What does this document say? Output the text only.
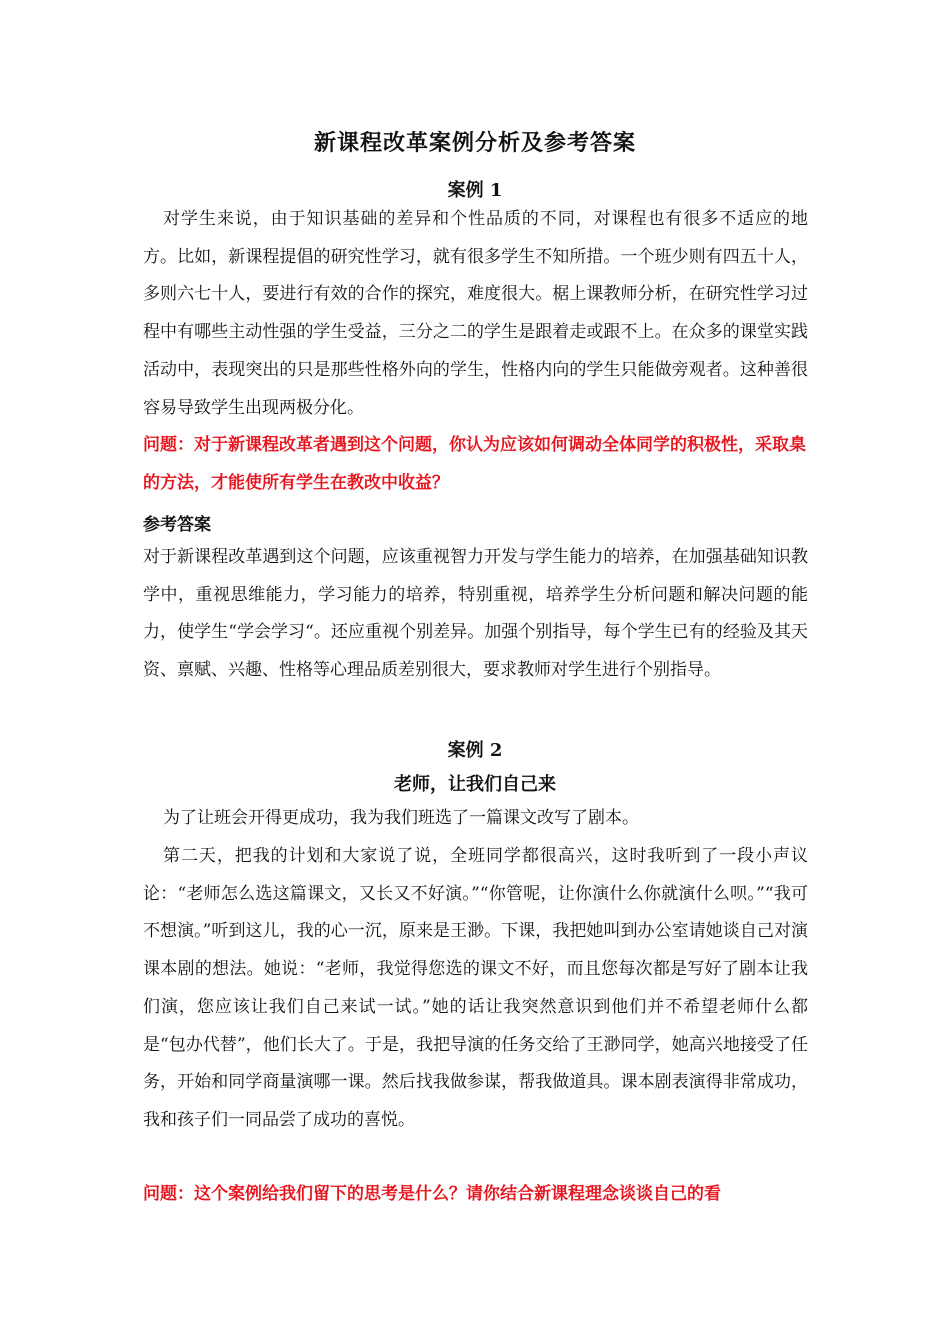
新课程改革案例分析及参考答案
案例 1

对学生来说，由于知识基础的差异和个性品质的不同，对课程也有很多不适应的地方。比如，新课程提倡的研究性学习，就有很多学生不知所措。一个班少则有四五十人，多则六七十人，要进行有效的合作的探究，难度很大。椐上课教师分析，在研究性学习过程中有哪些主动性强的学生受益，三分之二的学生是跟着走或跟不上。在众多的课堂实践活动中，表现突出的只是那些性格外向的学生，性格内向的学生只能做旁观者。这种善很容易导致学生出现两极分化。

问题：对于新课程改革者遇到这个问题，你认为应该如何调动全体同学的积极性，采取臬的方法，才能使所有学生在教改中收益？

参考答案

对于新课程改革遇到这个问题，应该重视智力开发与学生能力的培养，在加强基础知识教学中，重视思维能力，学习能力的培养，特别重视，培养学生分析问题和解决问题的能力，使学生“学会学习“。还应重视个别差异。加强个别指导，每个学生已有的经验及其天资、禀赋、兴趣、性格等心理品质差别很大，要求教师对学生进行个别指导。

案例 2
老师，让我们自己来

为了让班会开得更成功，我为我们班选了一篇课文改写了剧本。

第二天，把我的计划和大家说了说，全班同学都很高兴，这时我听到了一段小声议论：“老师怎么选这篇课文，又长又不好演。”“你管呢，让你演什么你就演什么呗。”“我可不想演。”听到这儿，我的心一沉，原来是王渺。下课，我把她叫到办公室请她谈自己对演课本剧的想法。她说：“老师，我觉得您选的课文不好，而且您每次都是写好了剧本让我们演，您应该让我们自己来试一试。”她的话让我突然意识到他们并不希望老师什么都是“包办代替”，他们长大了。于是，我把导演的任务交给了王渺同学，她高兴地接受了任务，开始和同学商量演哪一课。然后找我做参谋，帮我做道具。课本剧表演得非常成功，我和孩子们一同品尝了成功的喜悦。

问题：这个案例给我们留下的思考是什么？请你结合新课程理念谈谈自己的看
